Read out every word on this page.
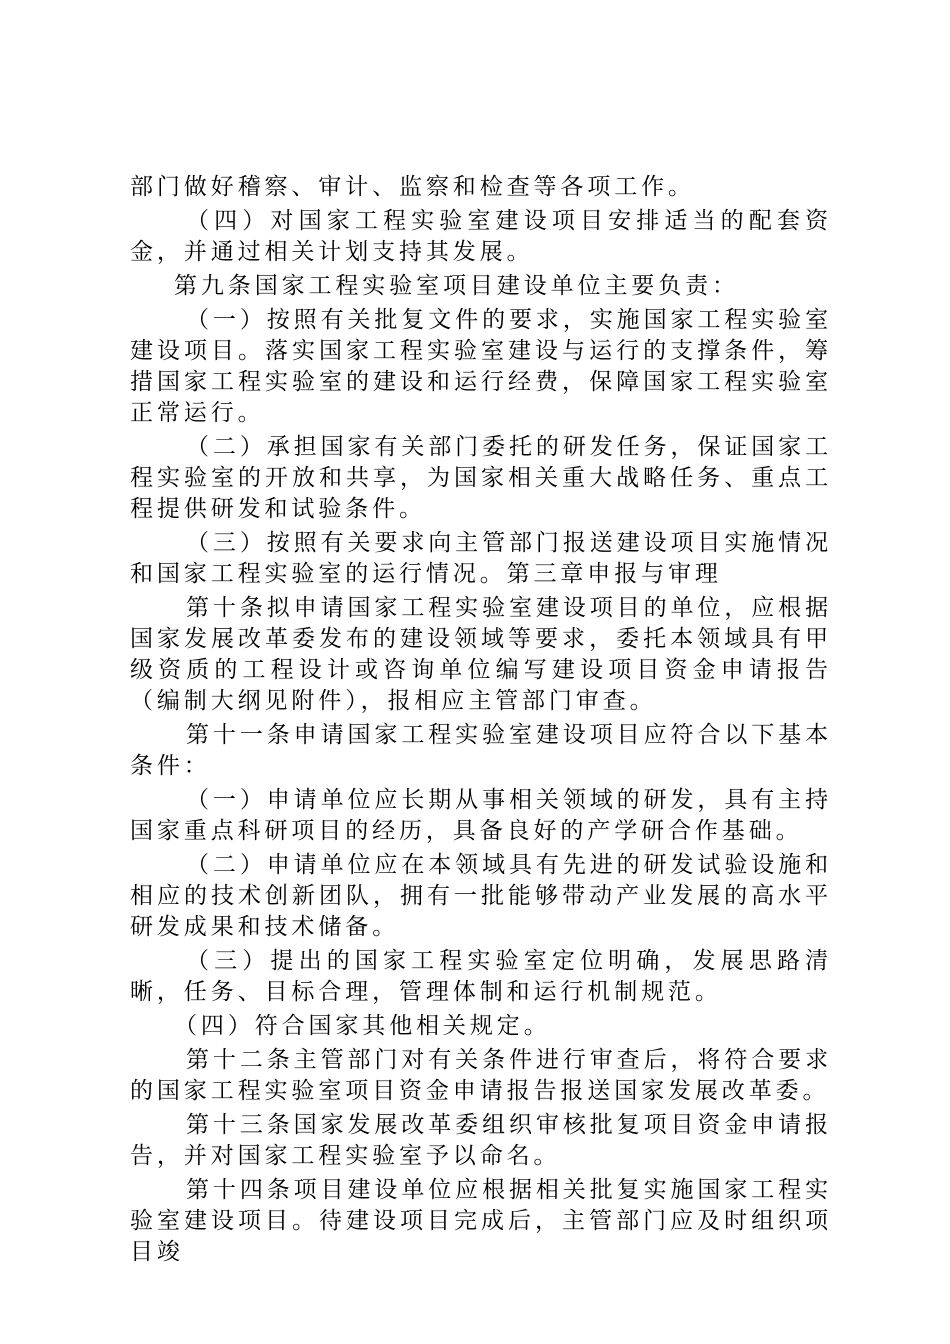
部门做好稽察、审计、监察和检查等各项工作。

（四）对国家工程实验室建设项目安排适当的配套资金，并通过相关计划支持其发展。

第九条国家工程实验室项目建设单位主要负责：

（一）按照有关批复文件的要求，实施国家工程实验室建设项目。落实国家工程实验室建设与运行的支撑条件，筹措国家工程实验室的建设和运行经费，保障国家工程实验室正常运行。

（二）承担国家有关部门委托的研发任务，保证国家工程实验室的开放和共享，为国家相关重大战略任务、重点工程提供研发和试验条件。

（三）按照有关要求向主管部门报送建设项目实施情况和国家工程实验室的运行情况。第三章申报与审理

第十条拟申请国家工程实验室建设项目的单位，应根据国家发展改革委发布的建设领域等要求，委托本领域具有甲级资质的工程设计或咨询单位编写建设项目资金申请报告（编制大纲见附件），报相应主管部门审查。

第十一条申请国家工程实验室建设项目应符合以下基本条件：

（一）申请单位应长期从事相关领域的研发，具有主持国家重点科研项目的经历，具备良好的产学研合作基础。

（二）申请单位应在本领域具有先进的研发试验设施和相应的技术创新团队，拥有一批能够带动产业发展的高水平研发成果和技术储备。

（三）提出的国家工程实验室定位明确，发展思路清晰，任务、目标合理，管理体制和运行机制规范。

（四）符合国家其他相关规定。

第十二条主管部门对有关条件进行审查后，将符合要求的国家工程实验室项目资金申请报告报送国家发展改革委。

第十三条国家发展改革委组织审核批复项目资金申请报告，并对国家工程实验室予以命名。

第十四条项目建设单位应根据相关批复实施国家工程实验室建设项目。待建设项目完成后，主管部门应及时组织项目竣
